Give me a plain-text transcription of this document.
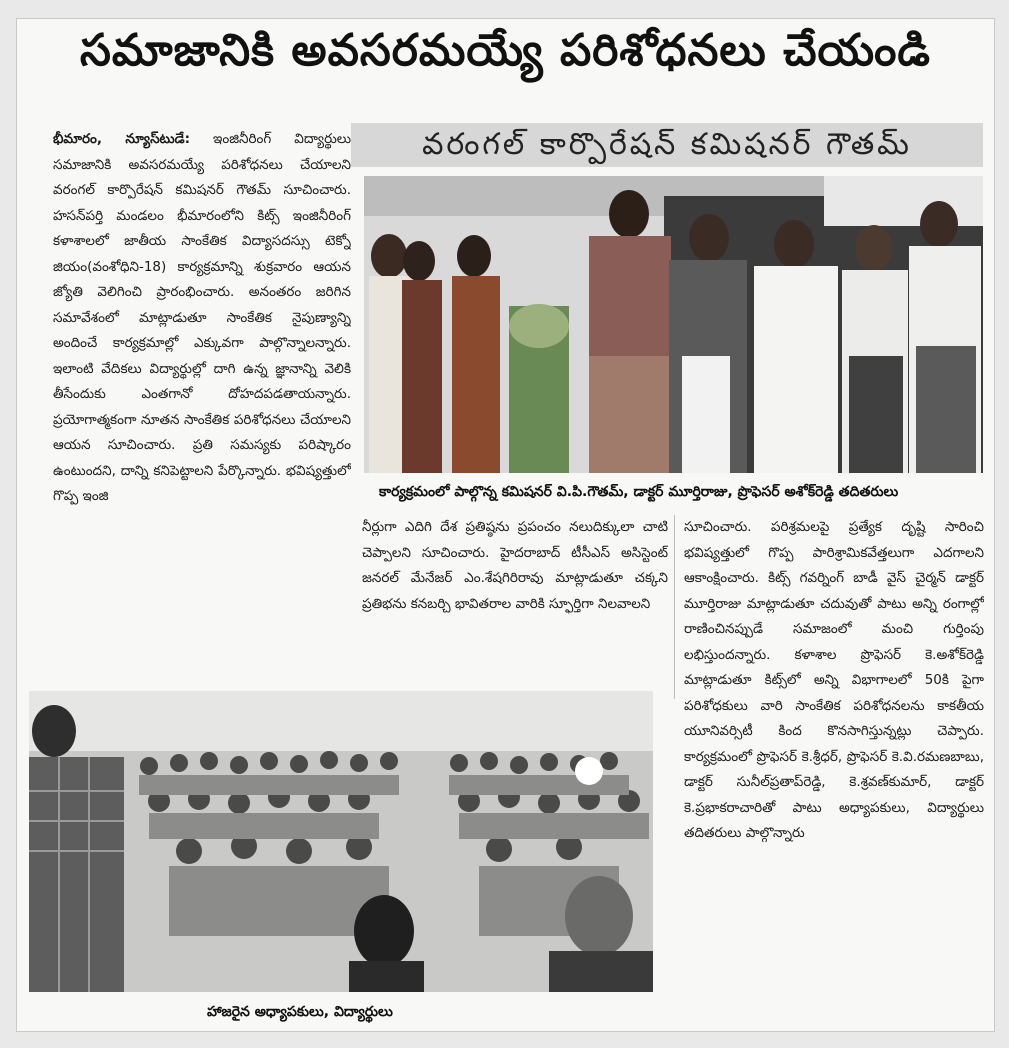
సమాజానికి అవసరమయ్యే పరిశోధనలు చేయండి
వరంగల్ కార్పొరేషన్ కమిషనర్ గౌతమ్

భీమారం, న్యూస్‌టుడే: ఇంజినీరింగ్ విద్యార్థులు సమాజానికి అవసరమయ్యే పరిశోధనలు చేయాలని వరంగల్ కార్పొరేషన్ కమిషనర్ గౌతమ్ సూచించారు. హసన్‌పర్తి మండలం భీమారంలోని కిట్స్ ఇంజినీరింగ్ కళాశాలలో జాతీయ సాంకేతిక విద్యాసదస్సు టెక్నో జియం(వంశోధిని-18) కార్యక్రమాన్ని శుక్రవారం ఆయన జ్యోతి వెలిగించి ప్రారంభించారు. అనంతరం జరిగిన సమావేశంలో మాట్లాడుతూ సాంకేతిక నైపుణ్యాన్ని అందించే కార్యక్రమాల్లో ఎక్కువగా పాల్గొన్నాలన్నారు. ఇలాంటి వేదికలు విద్యార్థుల్లో దాగి ఉన్న జ్ఞానాన్ని వెలికి తీసేందుకు ఎంతగానో దోహదపడతాయన్నారు. ప్రయోగాత్మకంగా నూతన సాంకేతిక పరిశోధనలు చేయాలని ఆయన సూచించారు. ప్రతి సమస్యకు పరిష్కారం ఉంటుందని, దాన్ని కనిపెట్టాలని పేర్కొన్నారు. భవిష్యత్తులో గొప్ప ఇంజి	కార్యక్రమంలో పాల్గొన్న కమిషనర్ వి.పి.గౌతమ్, డాక్టర్ మూర్తిరాజు, ప్రొఫెసర్ అశోక్‌రెడ్డి తదితరులు

నీర్లుగా ఎదిగి దేశ ప్రతిష్ఠను ప్రపంచం నలుదిక్కులా చాటి చెప్పాలని సూచించారు. హైదరాబాద్ టీసీఎస్ అసిస్టెంట్ జనరల్ మేనేజర్ ఎం.శేషగిరిరావు మాట్లాడుతూ చక్కని ప్రతిభను కనబర్చి భావితరాల వారికి స్ఫూర్తిగా నిలవాలని

సూచించారు. పరిశ్రమలపై ప్రత్యేక దృష్టి సారించి భవిష్యత్తులో గొప్ప పారిశ్రామికవేత్తలుగా ఎదగాలని ఆకాంక్షించారు. కిట్స్ గవర్నింగ్ బాడీ వైస్ చైర్మన్ డాక్టర్ మూర్తిరాజు మాట్లాడుతూ చదువుతో పాటు అన్ని రంగాల్లో రాణించినప్పుడే సమాజంలో మంచి గుర్తింపు లభిస్తుందన్నారు. కళాశాల ప్రొఫెసర్ కె.అశోక్‌రెడ్డి మాట్లాడుతూ కిట్స్‌లో అన్ని విభాగాలలో 50కి పైగా పరిశోధకులు వారి సాంకేతిక పరిశోధనలను కాకతీయ యూనివర్సిటీ కింద కొనసాగిస్తున్నట్లు చెప్పారు. కార్యక్రమంలో ప్రొఫెసర్ కె.శ్రీధర్, ప్రొఫెసర్ కె.వి.రమణబాబు, డాక్టర్ సునీల్‌ప్రతాప్‌రెడ్డి, కె.శ్రవణ్‌కుమార్, డాక్టర్ కె.ప్రభాకరాచారితో పాటు అధ్యాపకులు, విద్యార్థులు తదితరులు పాల్గొన్నారు

హాజరైన అధ్యాపకులు, విద్యార్థులు
